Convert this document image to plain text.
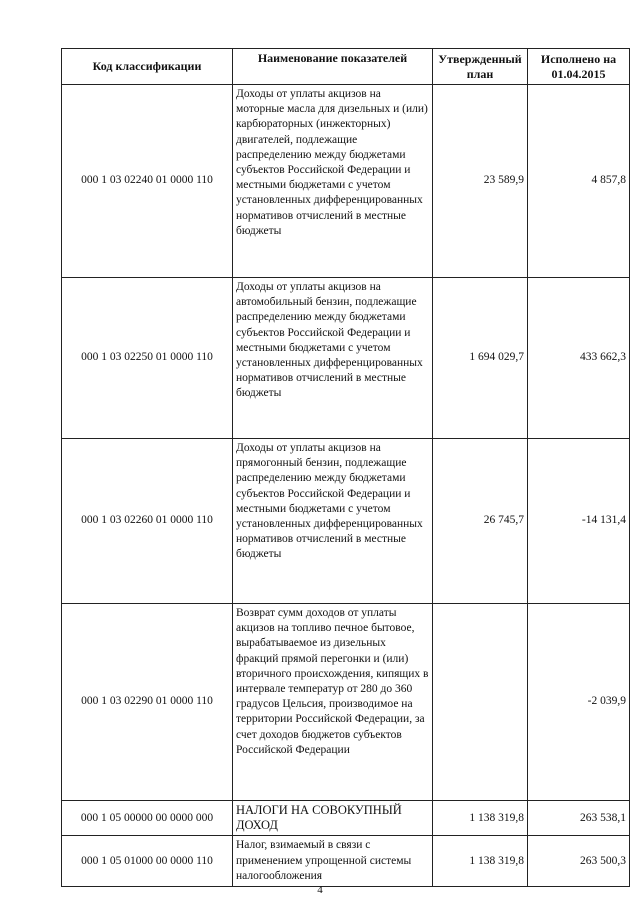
Код классификации	Наименование показателей	Утвержденный план	Исполнено на 01.04.2015
000 1 03 02240 01 0000 110	Доходы от уплаты акцизов на моторные масла для дизельных и (или) карбюраторных (инжекторных) двигателей, подлежащие распределению между бюджетами субъектов Российской Федерации и местными бюджетами с учетом установленных дифференцированных нормативов отчислений в местные бюджеты	23 589,9	4 857,8
000 1 03 02250 01 0000 110	Доходы от уплаты акцизов на автомобильный бензин, подлежащие распределению между бюджетами субъектов Российской Федерации и местными бюджетами с учетом установленных дифференцированных нормативов отчислений в местные бюджеты	1 694 029,7	433 662,3
000 1 03 02260 01 0000 110	Доходы от уплаты акцизов на прямогонный бензин, подлежащие распределению между бюджетами субъектов Российской Федерации и местными бюджетами с учетом установленных дифференцированных нормативов отчислений в местные бюджеты	26 745,7	-14 131,4
000 1 03 02290 01 0000 110	Возврат сумм доходов от уплаты акцизов на топливо печное бытовое, вырабатываемое из дизельных фракций прямой перегонки и (или) вторичного происхождения, кипящих в интервале температур от 280 до 360 градусов Цельсия, производимое на территории Российской Федерации, за счет доходов бюджетов субъектов Российской Федерации		-2 039,9
000 1 05 00000 00 0000 000	НАЛОГИ НА СОВОКУПНЫЙ ДОХОД	1 138 319,8	263 538,1
000 1 05 01000 00 0000 110	Налог, взимаемый в связи с применением упрощенной системы налогообложения	1 138 319,8	263 500,3
4
